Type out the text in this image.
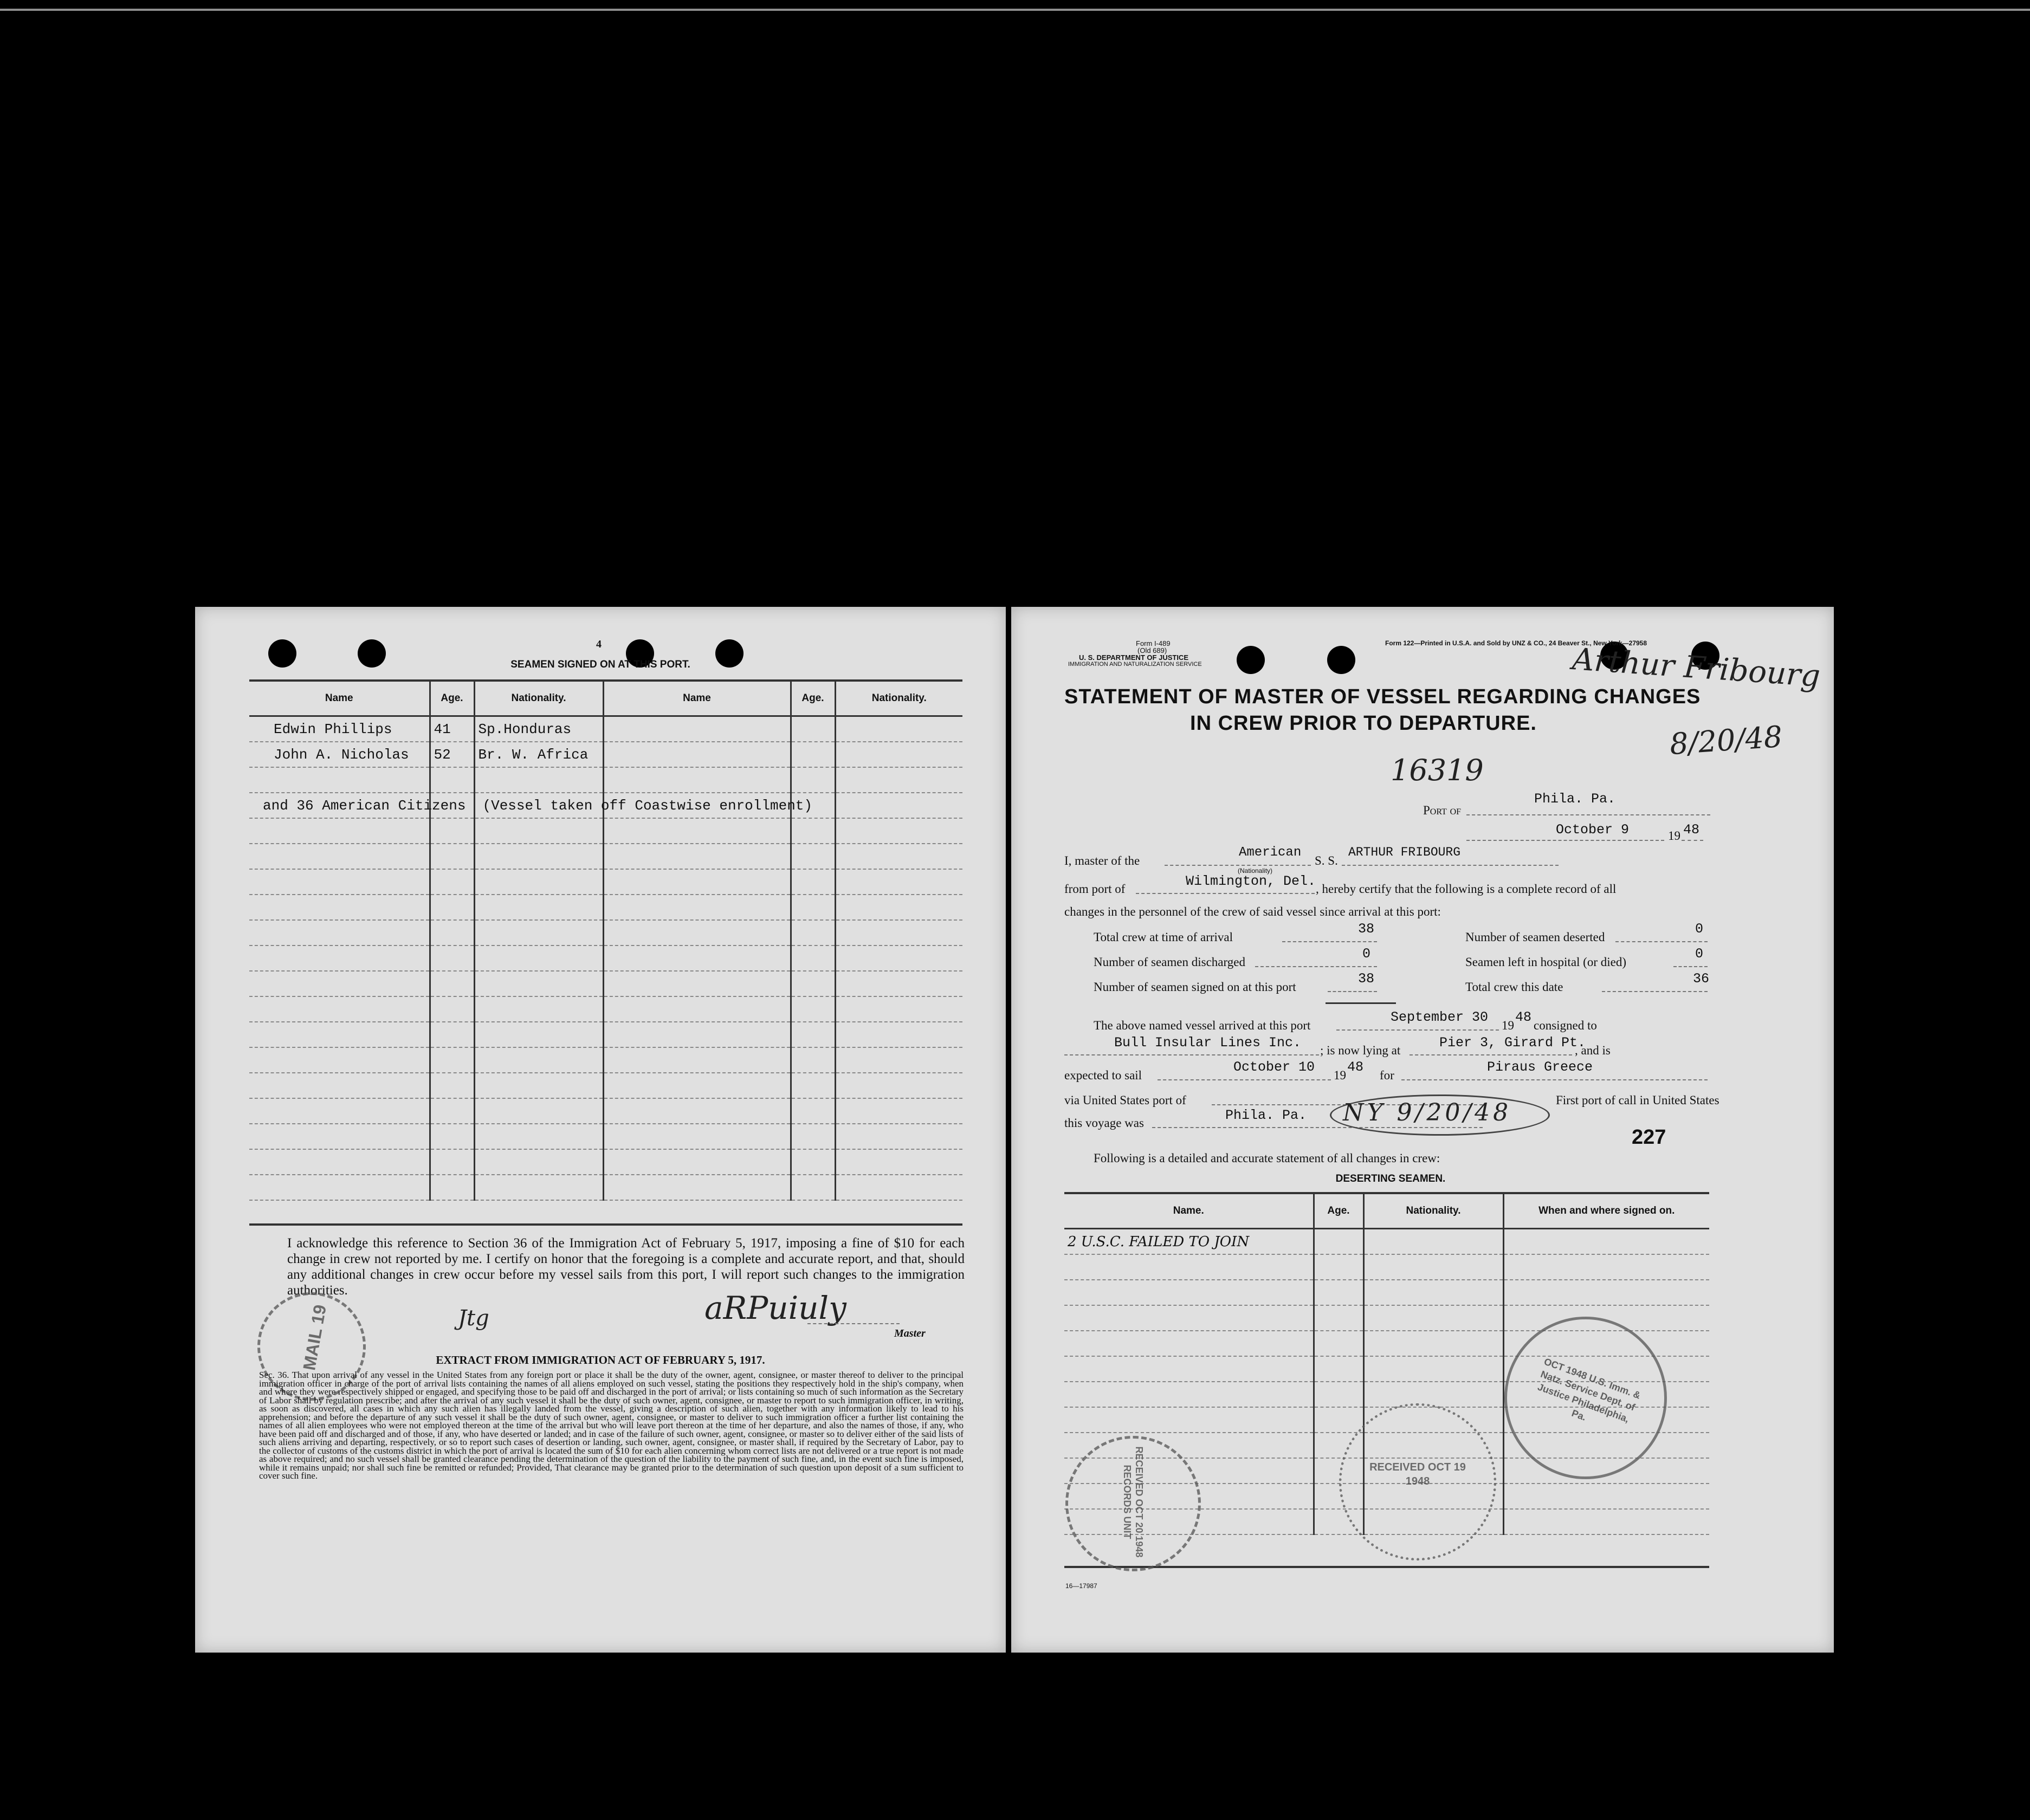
4
SEAMEN SIGNED ON AT THIS PORT.
Name	Age.	Nationality.	Name	Age.	Nationality.
Edwin Phillips	41	Sp.Honduras			
John A. Nicholas	52	Br. W. Africa			

and 36 American Citizens		(Vessel taken off Coastwise enrollment)			

I acknowledge this reference to Section 36 of the Immigration Act of February 5, 1917, imposing a fine of $10 for each change in crew not reported by me. I certify on honor that the foregoing is a complete and accurate report, and that, should any additional changes in crew occur before my vessel sails from this port, I will report such changes to the immigration authorities.	aRPuiuly
Jtg
Master
MAIL 19	EXTRACT FROM IMMIGRATION ACT OF FEBRUARY 5, 1917.
Sec. 36. That upon arrival of any vessel in the United States from any foreign port or place it shall be the duty of the owner, agent, consignee, or master thereof to deliver to the principal immigration officer in charge of the port of arrival lists containing the names of all aliens employed on such vessel, stating the positions they respectively hold in the ship's company, when and where they were respectively shipped or engaged, and specifying those to be paid off and discharged in the port of arrival; or lists containing so much of such information as the Secretary of Labor shall by regulation prescribe; and after the arrival of any such vessel it shall be the duty of such owner, agent, consignee, or master to report to such immigration officer, in writing, as soon as discovered, all cases in which any such alien has illegally landed from the vessel, giving a description of such alien, together with any information likely to lead to his apprehension; and before the departure of any such vessel it shall be the duty of such owner, agent, consignee, or master to deliver to such immigration officer a further list containing the names of all alien employees who were not employed thereon at the time of the arrival but who will leave port thereon at the time of her departure, and also the names of those, if any, who have been paid off and discharged and of those, if any, who have deserted or landed; and in case of the failure of such owner, agent, consignee, or master so to deliver either of the said lists of such aliens arriving and departing, respectively, or so to report such cases of desertion or landing, such owner, agent, consignee, or master shall, if required by the Secretary of Labor, pay to the collector of customs of the customs district in which the port of arrival is located the sum of $10 for each alien concerning whom correct lists are not delivered or a true report is not made as above required; and no such vessel shall be granted clearance pending the determination of the question of the liability to the payment of such fine, and, in the event such fine is imposed, while it remains unpaid; nor shall such fine be remitted or refunded; Provided, That clearance may be granted prior to the determination of such question upon deposit of a sum sufficient to cover such fine.
Form I-489
(Old 689)
U. S. DEPARTMENT OF JUSTICE
IMMIGRATION AND NATURALIZATION SERVICE
Form 122—Printed in U.S.A. and Sold by UNZ & CO., 24 Beaver St., New York—27958
Arthur Fribourg
8/20/48
STATEMENT OF MASTER OF VESSEL REGARDING CHANGES
IN CREW PRIOR TO DEPARTURE.
16319
Port of
Phila. Pa.
October 9	19 48
I, master of the
American
(Nationality)
S. S.
ARTHUR FRIBOURG
from port of	Wilmington, Del. , hereby certify that the following is a complete record of all
changes in the personnel of the crew of said vessel since arrival at this port:
Total crew at time of arrival
38
Number of seamen deserted
0
Number of seamen discharged
0
Seamen left in hospital (or died)
0
Number of seamen signed on at this port
38
Total crew this date
36
The above named vessel arrived at this port
September 30
19
48
consigned to
Bull Insular Lines Inc. ; is now lying at	Pier 3, Girard Pt.
, and is
expected to sail
October 10
19
48
for
Piraus Greece
via United States port of	First port of call in United States
this voyage was	Phila. Pa. NY 9/20/48
227
Following is a detailed and accurate statement of all changes in crew:
DESERTING SEAMEN.
Name.	Age.	Nationality.	When and where signed on.
2 U.S.C. FAILED TO JOIN			

16—17987
RECEIVED OCT 20 1948 RECORDS UNIT	RECEIVED OCT 19 1948
OCT 1948 U.S. Imm. & Natz. Service Dept. of Justice Philadelphia, Pa.
